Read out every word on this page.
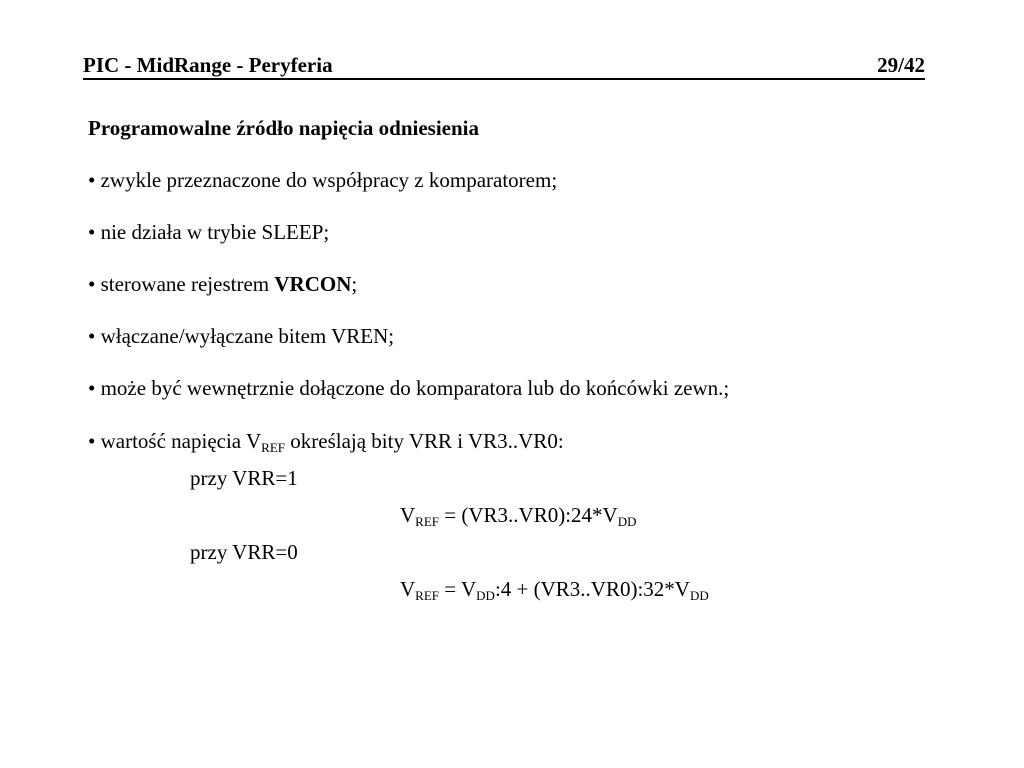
PIC - MidRange - Peryferia	29/42
Programowalne źródło napięcia odniesienia
• zwykle przeznaczone do współpracy z komparatorem;
• nie działa w trybie SLEEP;
• sterowane rejestrem VRCON;
• włączane/wyłączane bitem VREN;
• może być wewnętrznie dołączone do komparatora lub do końcówki zewn.;
• wartość napięcia $V_{REF}$ określają bity VRR i VR3..VR0:
przy VRR=1
$V_{REF}$ = $(VR3..VR0):24*V_{DD}$
przy VRR=0
$V_{REF}$ = $V_{DD}:4$ + $(VR3..VR0):32*V_{DD}$
